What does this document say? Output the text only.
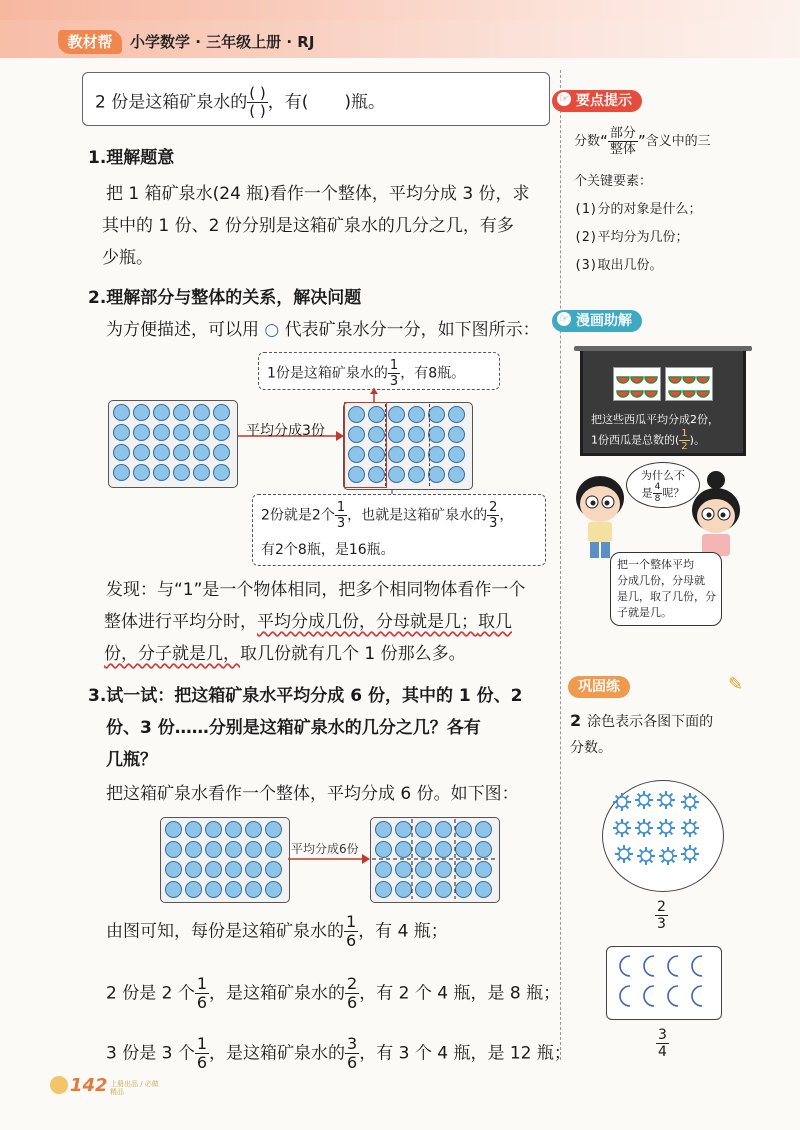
教材帮	小学数学 · 三年级上册 · RJ
2 份是这箱矿泉水的 $\frac{( )}{( )}$ ，有( )瓶。
1.理解题意
把 1 箱矿泉水(24 瓶)看作一个整体，平均分成 3 份，求
其中的 1 份、2 份分别是这箱矿泉水的几分之几，有多
少瓶。
2.理解部分与整体的关系，解决问题
为方便描述，可以用 ○ 代表矿泉水分一分，如下图所示：
1份是这箱矿泉水的 $\frac{1}{3}$ ，有8瓶。
平均分成3份
2份就是2个 $\frac{1}{3}$ ，也就是这箱矿泉水的 $\frac{2}{3}$ ，
有2个8瓶，是16瓶。
发现：与“1”是一个物体相同，把多个相同物体看作一个
整体进行平均分时，平均分成几份，分母就是几；取几
份，分子就是几，取几份就有几个 1 份那么多。
3.试一试：把这箱矿泉水平均分成 6 份，其中的 1 份、2
份、3 份……分别是这箱矿泉水的几分之几？各有
几瓶？
把这箱矿泉水看作一个整体，平均分成 6 份。如下图：
平均分成6份
由图可知，每份是这箱矿泉水的 $\frac{1}{6}$ ，有 4 瓶；
2 份是 2 个 $\frac{1}{6}$ ，是这箱矿泉水的 $\frac{2}{6}$ ，有 2 个 4 瓶，是 8 瓶；
3 份是 3 个 $\frac{1}{6}$ ，是这箱矿泉水的 $\frac{3}{6}$ ，有 3 个 4 瓶，是 12 瓶；
142 上册出品 / 必做精品
☞ 要点提示
分数“ $\frac{\text{部分}}{\text{整体}}$ ”含义中的三
个关键要素：
(1)分的对象是什么；
(2)平均分为几份；
(3)取出几份。
☞ 漫画助解
把这些西瓜平均分成2份，
1份西瓜是总数的( $\frac{1}{2}$ )。
为什么不
是 $\frac{4}{8}$ 呢？
把一个整体平均
分成几份，分母就
是几，取了几份，分
子就是几。
巩固练	✎
2 涂色表示各图下面的
分数。
$\frac{2}{3}$
$\frac{3}{4}$
